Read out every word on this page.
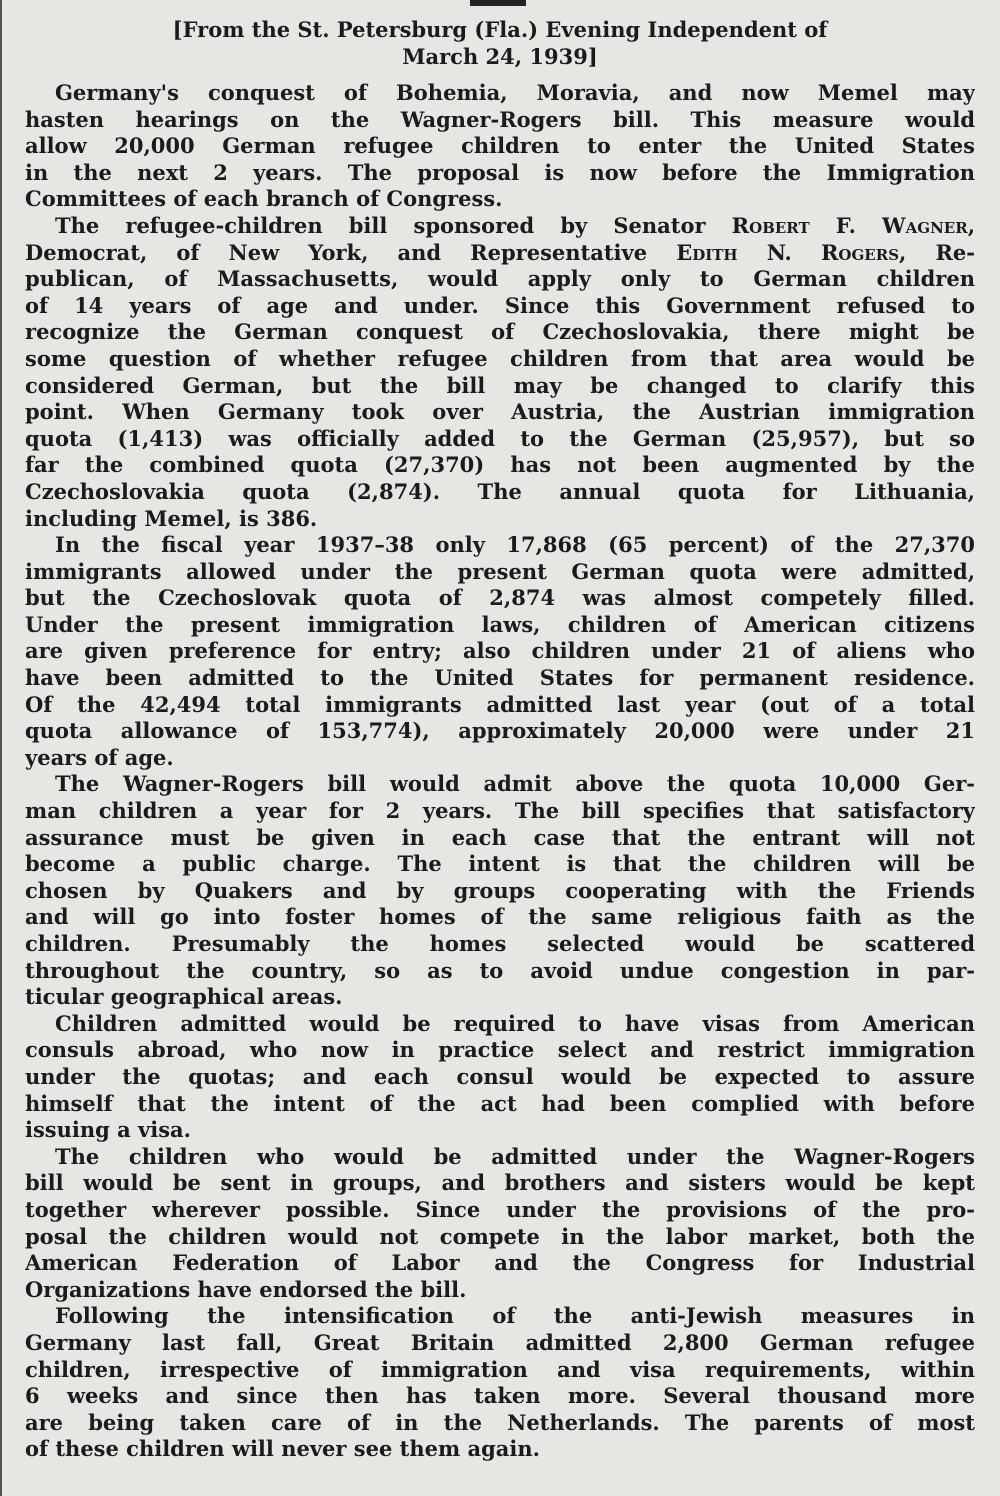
[From the St. Petersburg (Fla.) Evening Independent of
March 24, 1939]
Germany's conquest of Bohemia, Moravia, and now Memel may
hasten hearings on the Wagner-Rogers bill. This measure would
allow 20,000 German refugee children to enter the United States
in the next 2 years. The proposal is now before the Immigration
Committees of each branch of Congress.
The refugee-children bill sponsored by Senator Robert F. Wagner,
Democrat, of New York, and Representative Edith N. Rogers, Re-
publican, of Massachusetts, would apply only to German children
of 14 years of age and under. Since this Government refused to
recognize the German conquest of Czechoslovakia, there might be
some question of whether refugee children from that area would be
considered German, but the bill may be changed to clarify this
point. When Germany took over Austria, the Austrian immigration
quota (1,413) was officially added to the German (25,957), but so
far the combined quota (27,370) has not been augmented by the
Czechoslovakia quota (2,874). The annual quota for Lithuania,
including Memel, is 386.
In the fiscal year 1937–38 only 17,868 (65 percent) of the 27,370
immigrants allowed under the present German quota were admitted,
but the Czechoslovak quota of 2,874 was almost competely filled.
Under the present immigration laws, children of American citizens
are given preference for entry; also children under 21 of aliens who
have been admitted to the United States for permanent residence.
Of the 42,494 total immigrants admitted last year (out of a total
quota allowance of 153,774), approximately 20,000 were under 21
years of age.
The Wagner-Rogers bill would admit above the quota 10,000 Ger-
man children a year for 2 years. The bill specifies that satisfactory
assurance must be given in each case that the entrant will not
become a public charge. The intent is that the children will be
chosen by Quakers and by groups cooperating with the Friends
and will go into foster homes of the same religious faith as the
children. Presumably the homes selected would be scattered
throughout the country, so as to avoid undue congestion in par-
ticular geographical areas.
Children admitted would be required to have visas from American
consuls abroad, who now in practice select and restrict immigration
under the quotas; and each consul would be expected to assure
himself that the intent of the act had been complied with before
issuing a visa.
The children who would be admitted under the Wagner-Rogers
bill would be sent in groups, and brothers and sisters would be kept
together wherever possible. Since under the provisions of the pro-
posal the children would not compete in the labor market, both the
American Federation of Labor and the Congress for Industrial
Organizations have endorsed the bill.
Following the intensification of the anti-Jewish measures in
Germany last fall, Great Britain admitted 2,800 German refugee
children, irrespective of immigration and visa requirements, within
6 weeks and since then has taken more. Several thousand more
are being taken care of in the Netherlands. The parents of most
of these children will never see them again.
